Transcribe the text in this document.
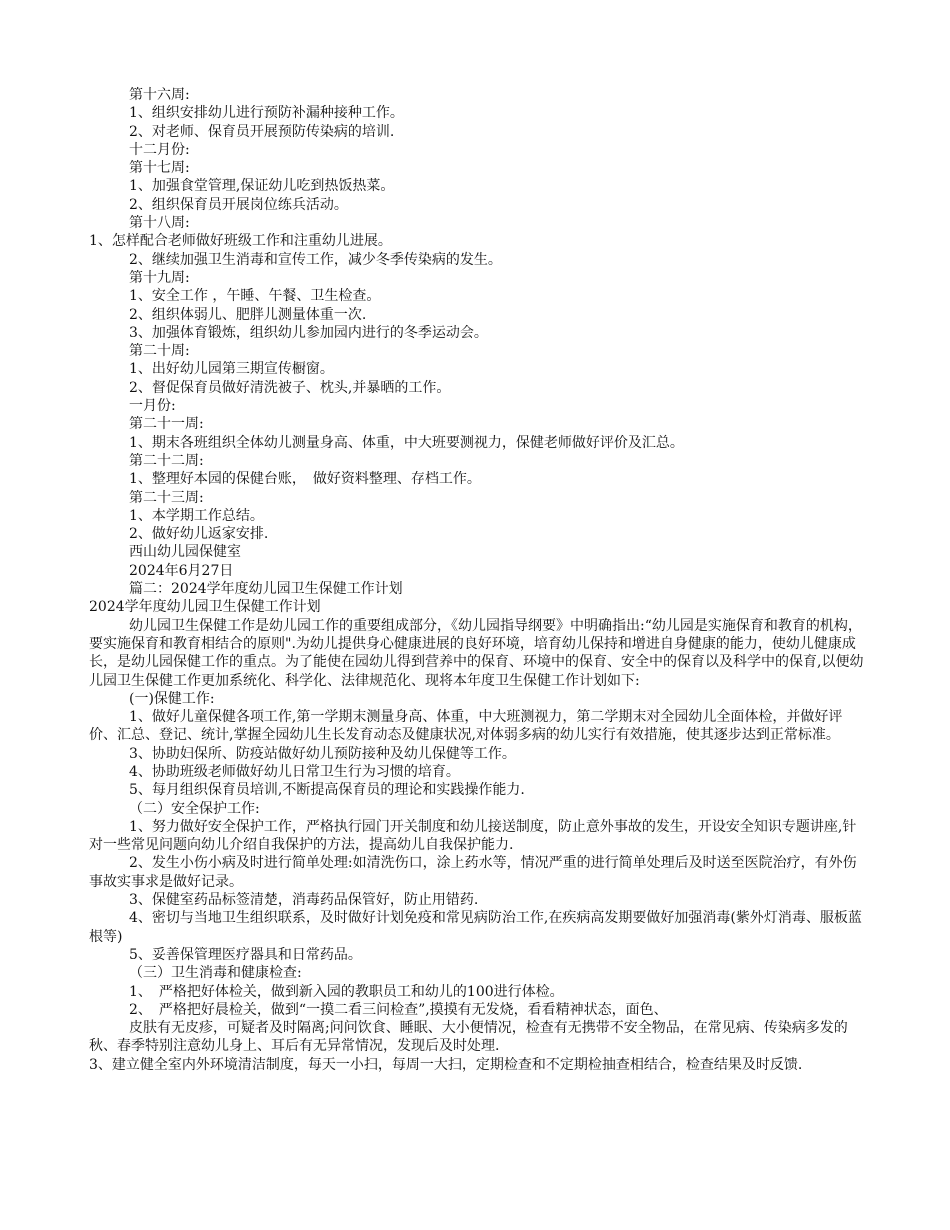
第十六周:

1、组织安排幼儿进行预防补漏种接种工作。

2、对老师、保育员开展预防传染病的培训.

十二月份:

第十七周:

1、加强食堂管理,保证幼儿吃到热饭热菜。

2、组织保育员开展岗位练兵活动。

第十八周:

1、怎样配合老师做好班级工作和注重幼儿进展。

2、继续加强卫生消毒和宣传工作，减少冬季传染病的发生。

第十九周:

1、安全工作 ，午睡、午餐、卫生检查。

2、组织体弱儿、肥胖儿测量体重一次.

3、加强体育锻炼，组织幼儿参加园内进行的冬季运动会。

第二十周:

1、出好幼儿园第三期宣传橱窗。

2、督促保育员做好清洗被子、枕头,并暴晒的工作。

一月份:

第二十一周:

1、期末各班组织全体幼儿测量身高、体重，中大班要测视力，保健老师做好评价及汇总。

第二十二周:

1、整理好本园的保健台账，　做好资料整理、存档工作。

第二十三周:

1、本学期工作总结。

2、做好幼儿返家安排.

西山幼儿园保健室

2024年6月27日

篇二：2024学年度幼儿园卫生保健工作计划

2024学年度幼儿园卫生保健工作计划

幼儿园卫生保健工作是幼儿园工作的重要组成部分，《幼儿园指导纲要》中明确指出:“幼儿园是实施保育和教育的机构，要实施保育和教育相结合的原则".为幼儿提供身心健康进展的良好环境，培育幼儿保持和增进自身健康的能力，使幼儿健康成长，是幼儿园保健工作的重点。为了能使在园幼儿得到营养中的保育、环境中的保育、安全中的保育以及科学中的保育,以便幼儿园卫生保健工作更加系统化、科学化、法律规范化、现将本年度卫生保健工作计划如下:

(一)保健工作:

1、做好儿童保健各项工作,第一学期末测量身高、体重，中大班测视力，第二学期末对全园幼儿全面体检，并做好评价、汇总、登记、统计,掌握全园幼儿生长发育动态及健康状况,对体弱多病的幼儿实行有效措施，使其逐步达到正常标准。

3、协助妇保所、防疫站做好幼儿预防接种及幼儿保健等工作。

4、协助班级老师做好幼儿日常卫生行为习惯的培育。

5、每月组织保育员培训,不断提高保育员的理论和实践操作能力.

（二）安全保护工作:

1、努力做好安全保护工作，严格执行园门开关制度和幼儿接送制度，防止意外事故的发生，开设安全知识专题讲座,针对一些常见问题向幼儿介绍自我保护的方法，提高幼儿自我保护能力.

2、发生小伤小病及时进行简单处理:如清洗伤口，涂上药水等，情况严重的进行简单处理后及时送至医院治疗，有外伤事故实事求是做好记录。

3、保健室药品标签清楚，消毒药品保管好，防止用错药.

4、密切与当地卫生组织联系，及时做好计划免疫和常见病防治工作,在疾病高发期要做好加强消毒(紫外灯消毒、服板蓝根等)

5、妥善保管理医疗器具和日常药品。

（三）卫生消毒和健康检查:

1、　严格把好体检关，做到新入园的教职员工和幼儿的100进行体检。

2、　严格把好晨检关，做到“一摸二看三问检查”,摸摸有无发烧，看看精神状态，面色、

皮肤有无皮疹，可疑者及时隔离;问问饮食、睡眠、大小便情况，检查有无携带不安全物品，在常见病、传染病多发的秋、春季特别注意幼儿身上、耳后有无异常情况，发现后及时处理.

3、建立健全室内外环境清洁制度，每天一小扫，每周一大扫，定期检查和不定期检抽查相结合，检查结果及时反馈.
